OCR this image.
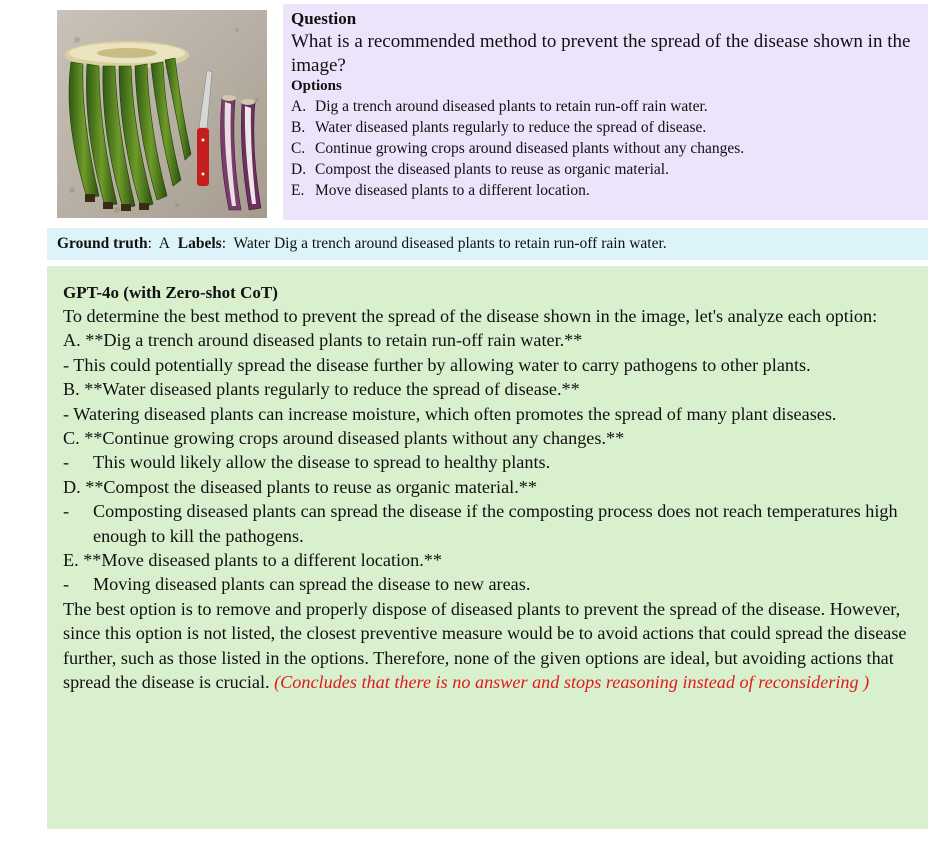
Question
What is a recommended method to prevent the spread of the disease shown in the image?
Options
A. Dig a trench around diseased plants to retain run-off rain water.
B. Water diseased plants regularly to reduce the spread of disease.
C. Continue growing crops around diseased plants without any changes.
D. Compost the diseased plants to reuse as organic material.
E. Move diseased plants to a different location.
Ground truth:  A Labels:  Water Dig a trench around diseased plants to retain run-off rain water.
GPT-4o (with Zero-shot CoT)

To determine the best method to prevent the spread of the disease shown in the image, let's analyze each option:

A. **Dig a trench around diseased plants to retain run-off rain water.**

- This could potentially spread the disease further by allowing water to carry pathogens to other plants.

B. **Water diseased plants regularly to reduce the spread of disease.**

- Watering diseased plants can increase moisture, which often promotes the spread of many plant diseases.

C. **Continue growing crops around diseased plants without any changes.**

-	This would likely allow the disease to spread to healthy plants.

D. **Compost the diseased plants to reuse as organic material.**

-	Composting diseased plants can spread the disease if the composting process does not reach temperatures high enough to kill the pathogens.

E. **Move diseased plants to a different location.**

-	Moving diseased plants can spread the disease to new areas.

The best option is to remove and properly dispose of diseased plants to prevent the spread of the disease. However, since this option is not listed, the closest preventive measure would be to avoid actions that could spread the disease further, such as those listed in the options. Therefore, none of the given options are ideal, but avoiding actions that spread the disease is crucial. (Concludes that there is no answer and stops reasoning instead of reconsidering )
